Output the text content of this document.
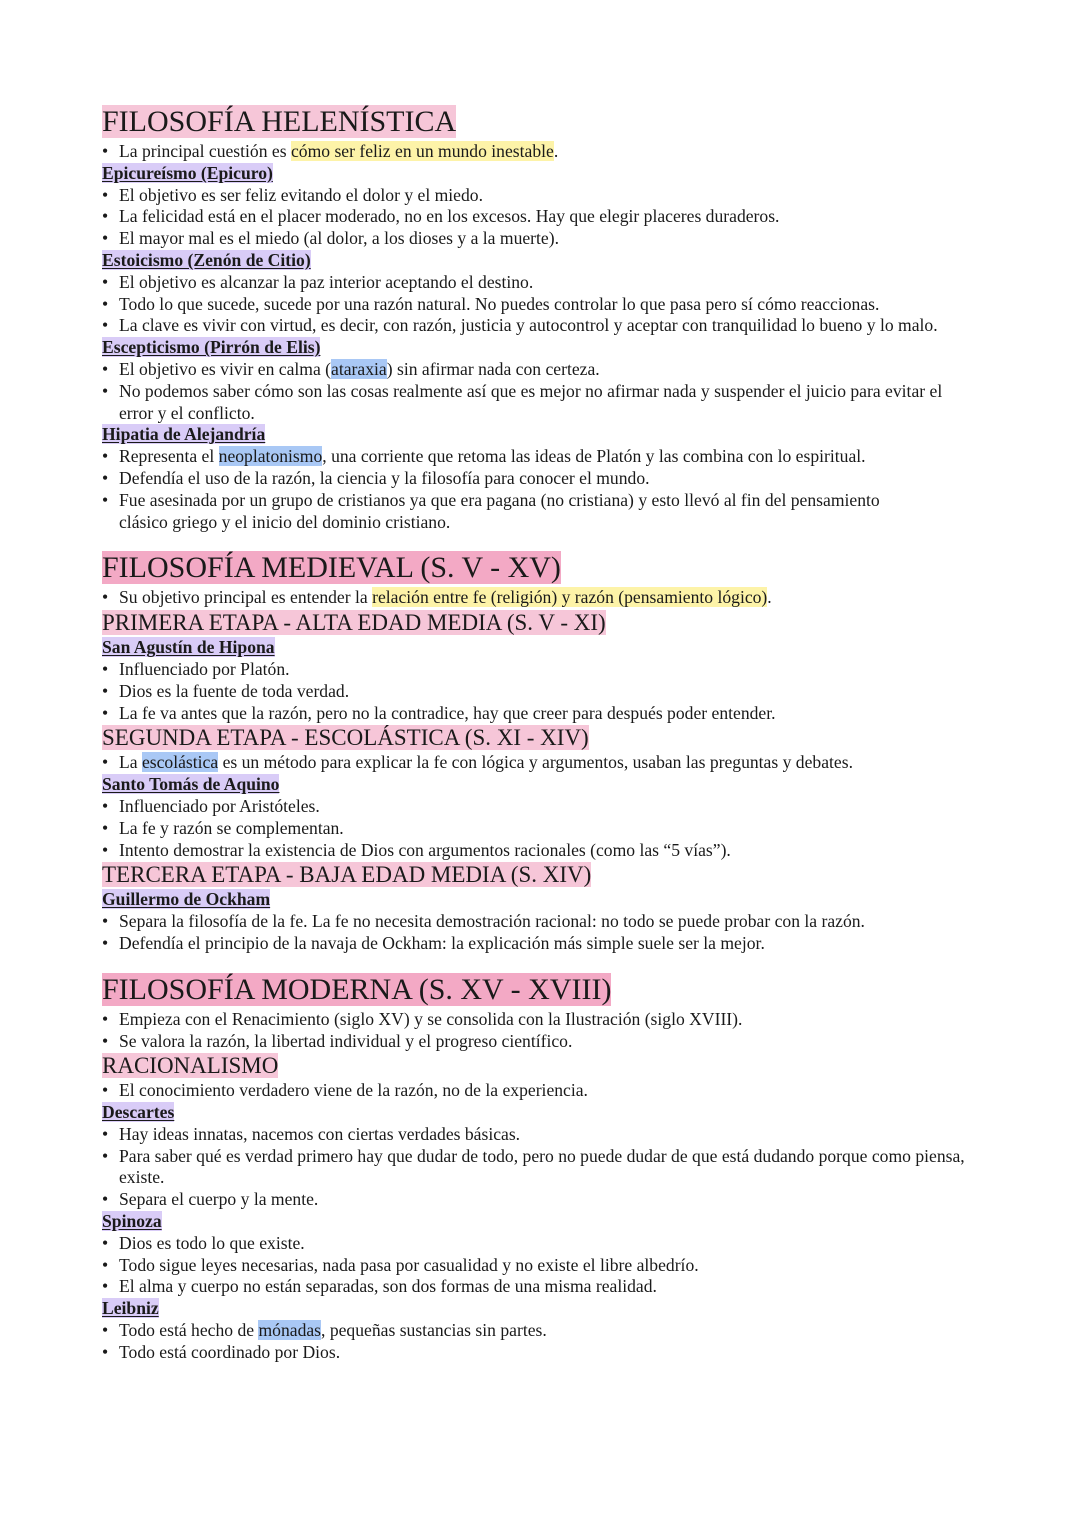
FILOSOFÍA HELENÍSTICA
• La principal cuestión es cómo ser feliz en un mundo inestable.
Epicureísmo (Epicuro)
• El objetivo es ser feliz evitando el dolor y el miedo.
• La felicidad está en el placer moderado, no en los excesos. Hay que elegir placeres duraderos.
• El mayor mal es el miedo (al dolor, a los dioses y a la muerte).
Estoicismo (Zenón de Citio)
• El objetivo es alcanzar la paz interior aceptando el destino.
• Todo lo que sucede, sucede por una razón natural. No puedes controlar lo que pasa pero sí cómo reaccionas.
• La clave es vivir con virtud, es decir, con razón, justicia y autocontrol y aceptar con tranquilidad lo bueno y lo malo.
Escepticismo (Pirrón de Elis)
• El objetivo es vivir en calma (ataraxia) sin afirmar nada con certeza.
• No podemos saber cómo son las cosas realmente así que es mejor no afirmar nada y suspender el juicio para evitar el error y el conflicto.
Hipatia de Alejandría
• Representa el neoplatonismo, una corriente que retoma las ideas de Platón y las combina con lo espiritual.
• Defendía el uso de la razón, la ciencia y la filosofía para conocer el mundo.
• Fue asesinada por un grupo de cristianos ya que era pagana (no cristiana) y esto llevó al fin del pensamiento clásico griego y el inicio del dominio cristiano.
FILOSOFÍA MEDIEVAL (S. V - XV)
• Su objetivo principal es entender la relación entre fe (religión) y razón (pensamiento lógico).
PRIMERA ETAPA - ALTA EDAD MEDIA (S. V - XI)
San Agustín de Hipona
• Influenciado por Platón.
• Dios es la fuente de toda verdad.
• La fe va antes que la razón, pero no la contradice, hay que creer para después poder entender.
SEGUNDA ETAPA - ESCOLÁSTICA (S. XI - XIV)
• La escolástica es un método para explicar la fe con lógica y argumentos, usaban las preguntas y debates.
Santo Tomás de Aquino
• Influenciado por Aristóteles.
• La fe y razón se complementan.
• Intento demostrar la existencia de Dios con argumentos racionales (como las “5 vías”).
TERCERA ETAPA - BAJA EDAD MEDIA (S. XIV)
Guillermo de Ockham
• Separa la filosofía de la fe. La fe no necesita demostración racional: no todo se puede probar con la razón.
• Defendía el principio de la navaja de Ockham: la explicación más simple suele ser la mejor.
FILOSOFÍA MODERNA (S. XV - XVIII)
• Empieza con el Renacimiento (siglo XV) y se consolida con la Ilustración (siglo XVIII).
• Se valora la razón, la libertad individual y el progreso científico.
RACIONALISMO
• El conocimiento verdadero viene de la razón, no de la experiencia.
Descartes
• Hay ideas innatas, nacemos con ciertas verdades básicas.
• Para saber qué es verdad primero hay que dudar de todo, pero no puede dudar de que está dudando porque como piensa, existe.
• Separa el cuerpo y la mente.
Spinoza
• Dios es todo lo que existe.
• Todo sigue leyes necesarias, nada pasa por casualidad y no existe el libre albedrío.
• El alma y cuerpo no están separadas, son dos formas de una misma realidad.
Leibniz
• Todo está hecho de mónadas, pequeñas sustancias sin partes.
• Todo está coordinado por Dios.
